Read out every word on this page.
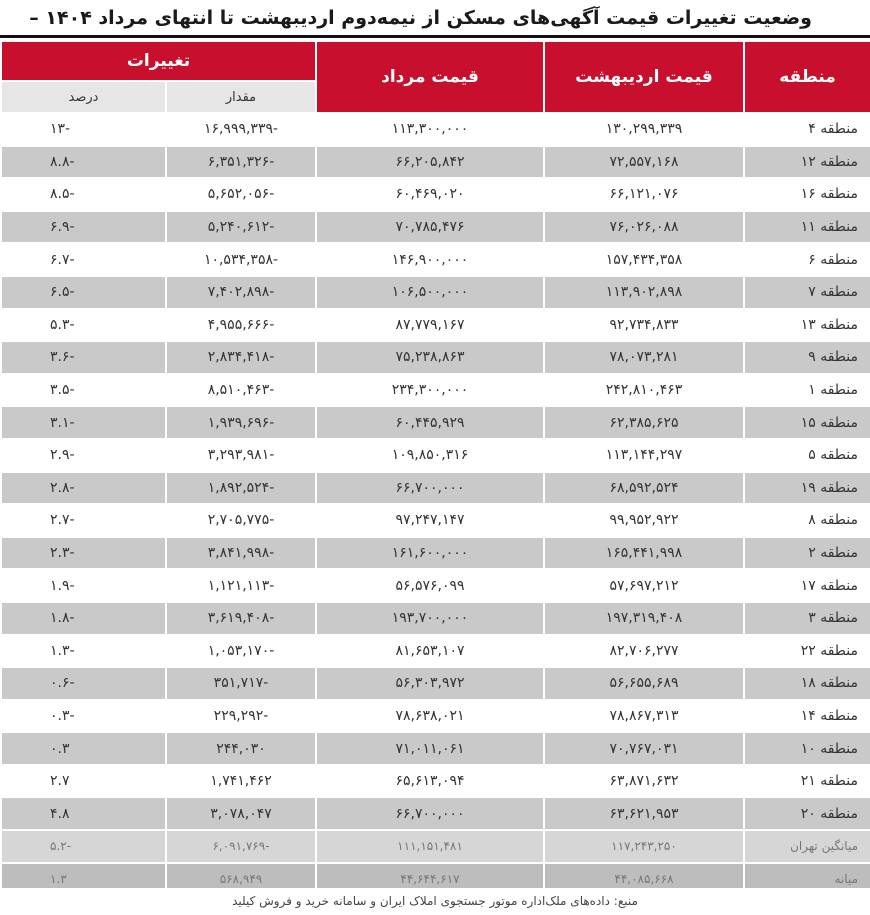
وضعیت تغییرات قیمت آگهی‌های مسکن از نیمه‌دوم اردیبهشت تا انتهای مرداد ۱۴۰۴ –
منطقه	قیمت اردیبهشت	قیمت مرداد	تغییرات	
			مقدار	درصد
منطقه ۴	۱۳۰,۲۹۹,۳۳۹	۱۱۳,۳۰۰,۰۰۰	-۱۶,۹۹۹,۳۳۹	-۱۳
منطقه ۱۲	۷۲,۵۵۷,۱۶۸	۶۶,۲۰۵,۸۴۲	-۶,۳۵۱,۳۲۶	-۸.۸
منطقه ۱۶	۶۶,۱۲۱,۰۷۶	۶۰,۴۶۹,۰۲۰	-۵,۶۵۲,۰۵۶	-۸.۵
منطقه ۱۱	۷۶,۰۲۶,۰۸۸	۷۰,۷۸۵,۴۷۶	-۵,۲۴۰,۶۱۲	-۶.۹
منطقه ۶	۱۵۷,۴۳۴,۳۵۸	۱۴۶,۹۰۰,۰۰۰	-۱۰,۵۳۴,۳۵۸	-۶.۷
منطقه ۷	۱۱۳,۹۰۲,۸۹۸	۱۰۶,۵۰۰,۰۰۰	-۷,۴۰۲,۸۹۸	-۶.۵
منطقه ۱۳	۹۲,۷۳۴,۸۳۳	۸۷,۷۷۹,۱۶۷	-۴,۹۵۵,۶۶۶	-۵.۳
منطقه ۹	۷۸,۰۷۳,۲۸۱	۷۵,۲۳۸,۸۶۳	-۲,۸۳۴,۴۱۸	-۳.۶
منطقه ۱	۲۴۲,۸۱۰,۴۶۳	۲۳۴,۳۰۰,۰۰۰	-۸,۵۱۰,۴۶۳	-۳.۵
منطقه ۱۵	۶۲,۳۸۵,۶۲۵	۶۰,۴۴۵,۹۲۹	-۱,۹۳۹,۶۹۶	-۳.۱
منطقه ۵	۱۱۳,۱۴۴,۲۹۷	۱۰۹,۸۵۰,۳۱۶	-۳,۲۹۳,۹۸۱	-۲.۹
منطقه ۱۹	۶۸,۵۹۲,۵۲۴	۶۶,۷۰۰,۰۰۰	-۱,۸۹۲,۵۲۴	-۲.۸
منطقه ۸	۹۹,۹۵۲,۹۲۲	۹۷,۲۴۷,۱۴۷	-۲,۷۰۵,۷۷۵	-۲.۷
منطقه ۲	۱۶۵,۴۴۱,۹۹۸	۱۶۱,۶۰۰,۰۰۰	-۳,۸۴۱,۹۹۸	-۲.۳
منطقه ۱۷	۵۷,۶۹۷,۲۱۲	۵۶,۵۷۶,۰۹۹	-۱,۱۲۱,۱۱۳	-۱.۹
منطقه ۳	۱۹۷,۳۱۹,۴۰۸	۱۹۳,۷۰۰,۰۰۰	-۳,۶۱۹,۴۰۸	-۱.۸
منطقه ۲۲	۸۲,۷۰۶,۲۷۷	۸۱,۶۵۳,۱۰۷	-۱,۰۵۳,۱۷۰	-۱.۳
منطقه ۱۸	۵۶,۶۵۵,۶۸۹	۵۶,۳۰۳,۹۷۲	-۳۵۱,۷۱۷	-۰.۶
منطقه ۱۴	۷۸,۸۶۷,۳۱۳	۷۸,۶۳۸,۰۲۱	-۲۲۹,۲۹۲	-۰.۳
منطقه ۱۰	۷۰,۷۶۷,۰۳۱	۷۱,۰۱۱,۰۶۱	۲۴۴,۰۳۰	۰.۳
منطقه ۲۱	۶۳,۸۷۱,۶۳۲	۶۵,۶۱۳,۰۹۴	۱,۷۴۱,۴۶۲	۲.۷
منطقه ۲۰	۶۳,۶۲۱,۹۵۳	۶۶,۷۰۰,۰۰۰	۳,۰۷۸,۰۴۷	۴.۸
میانگین تهران	۱۱۷,۲۴۳,۲۵۰	۱۱۱,۱۵۱,۴۸۱	-۶,۰۹۱,۷۶۹	-۵.۲
میانه	۴۴,۰۸۵,۶۶۸	۴۴,۶۴۴,۶۱۷	۵۶۸,۹۴۹	۱.۳
منبع: داده‌های ملک‌اداره موتور جستجوی املاک ایران و سامانه خرید و فروش کیلید
